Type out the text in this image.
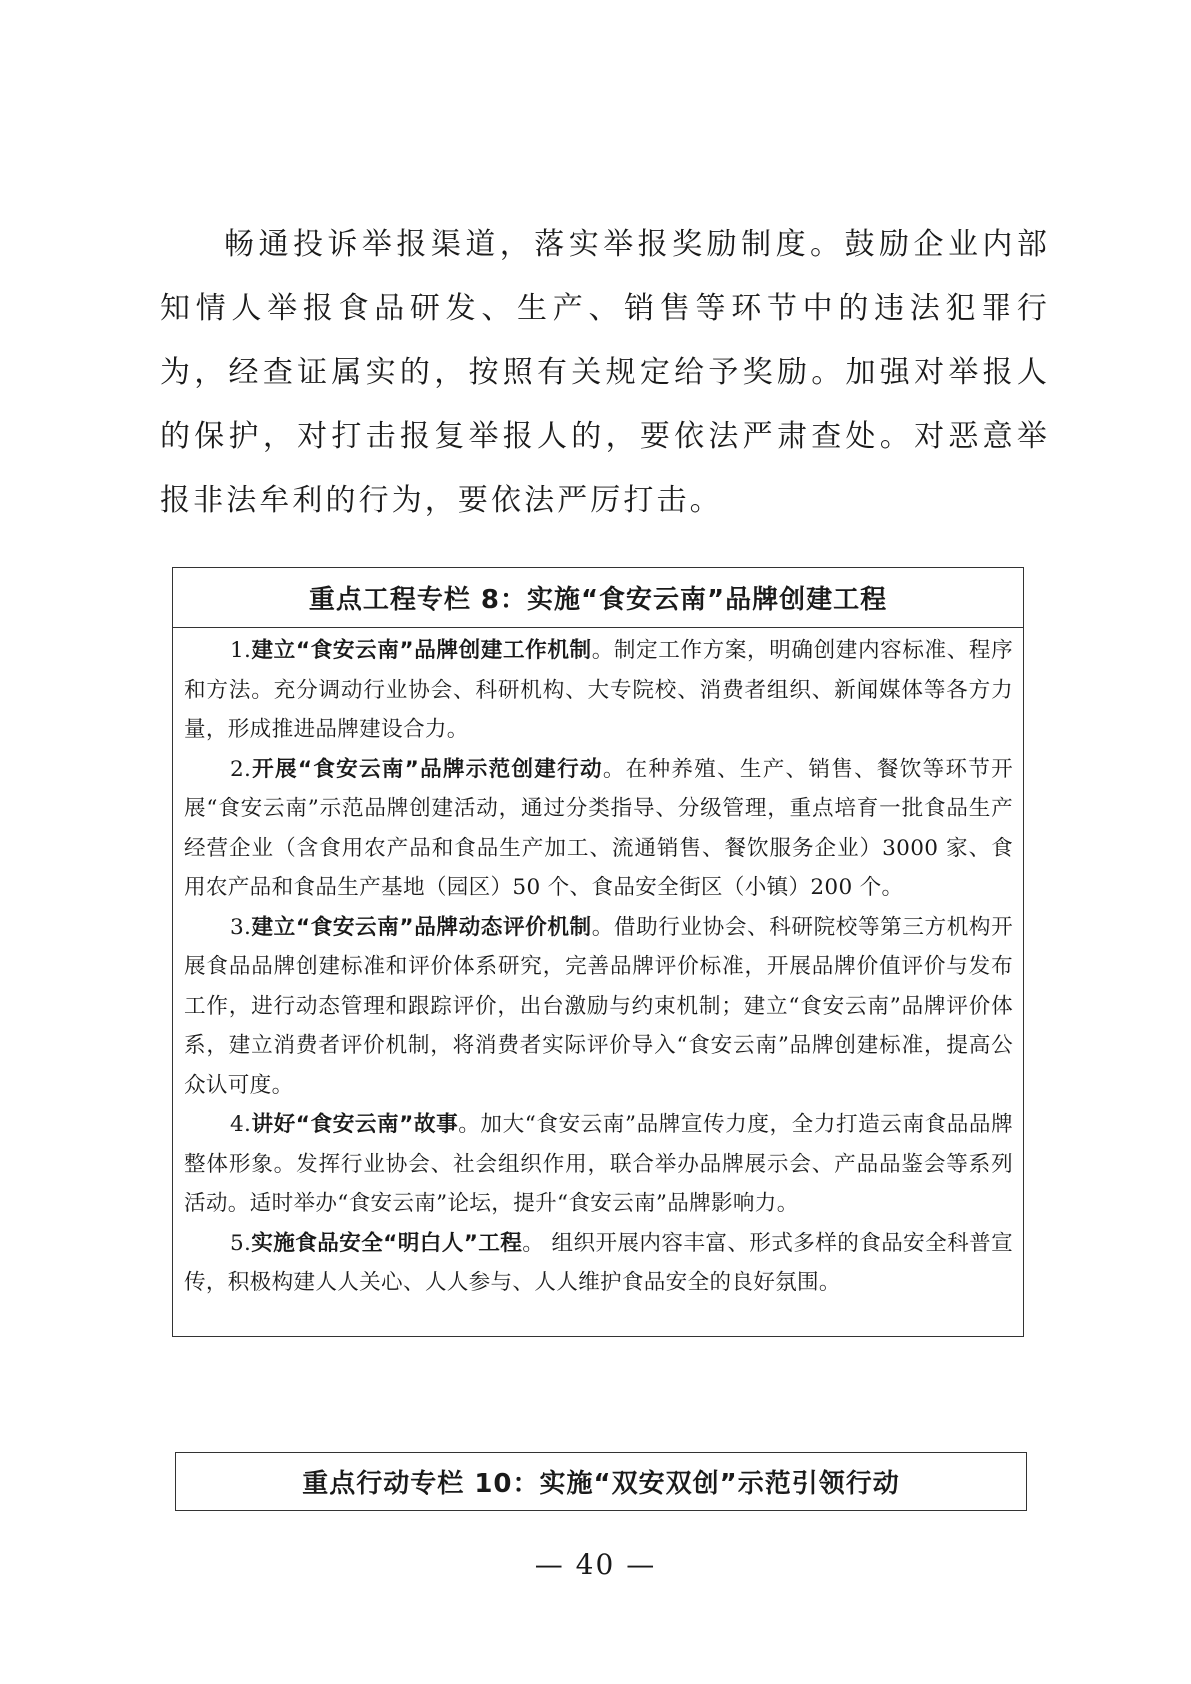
畅通投诉举报渠道，落实举报奖励制度。鼓励企业内部知情人举报食品研发、生产、销售等环节中的违法犯罪行为，经查证属实的，按照有关规定给予奖励。加强对举报人的保护，对打击报复举报人的，要依法严肃查处。对恶意举报非法牟利的行为，要依法严厉打击。

重点工程专栏 8：实施“食安云南”品牌创建工程

1.建立“食安云南”品牌创建工作机制。制定工作方案，明确创建内容标准、程序和方法。充分调动行业协会、科研机构、大专院校、消费者组织、新闻媒体等各方力量，形成推进品牌建设合力。

2.开展“食安云南”品牌示范创建行动。在种养殖、生产、销售、餐饮等环节开展“食安云南”示范品牌创建活动，通过分类指导、分级管理，重点培育一批食品生产经营企业（含食用农产品和食品生产加工、流通销售、餐饮服务企业）3000 家、食用农产品和食品生产基地（园区）50 个、食品安全街区（小镇）200 个。

3.建立“食安云南”品牌动态评价机制。借助行业协会、科研院校等第三方机构开展食品品牌创建标准和评价体系研究，完善品牌评价标准，开展品牌价值评价与发布工作，进行动态管理和跟踪评价，出台激励与约束机制；建立“食安云南”品牌评价体系，建立消费者评价机制，将消费者实际评价导入“食安云南”品牌创建标准，提高公众认可度。

4.讲好“食安云南”故事。加大“食安云南”品牌宣传力度，全力打造云南食品品牌整体形象。发挥行业协会、社会组织作用，联合举办品牌展示会、产品品鉴会等系列活动。适时举办“食安云南”论坛，提升“食安云南”品牌影响力。

5.实施食品安全“明白人”工程。 组织开展内容丰富、形式多样的食品安全科普宣传，积极构建人人关心、人人参与、人人维护食品安全的良好氛围。

重点行动专栏 10：实施“双安双创”示范引领行动
— 40 —
